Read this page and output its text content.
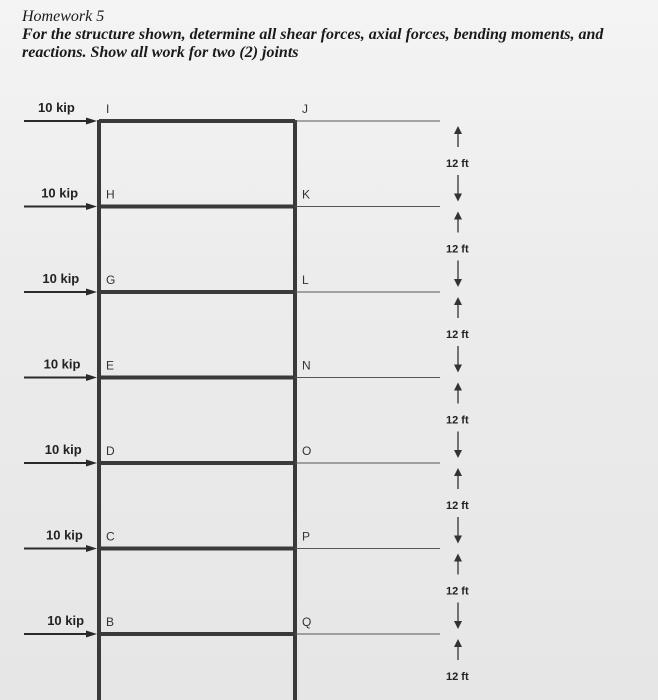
Homework 5
For the structure shown, determine all shear forces, axial forces, bending moments, and reactions. Show all work for two (2) joints
10 kip	I	J
12 ft
10 kip H	K
12 ft
10 kip G	L
12 ft
10 kip E	N
12 ft
10 kip D	O
12 ft
10 kip C	P
12 ft
10 kip B	Q
12 ft
